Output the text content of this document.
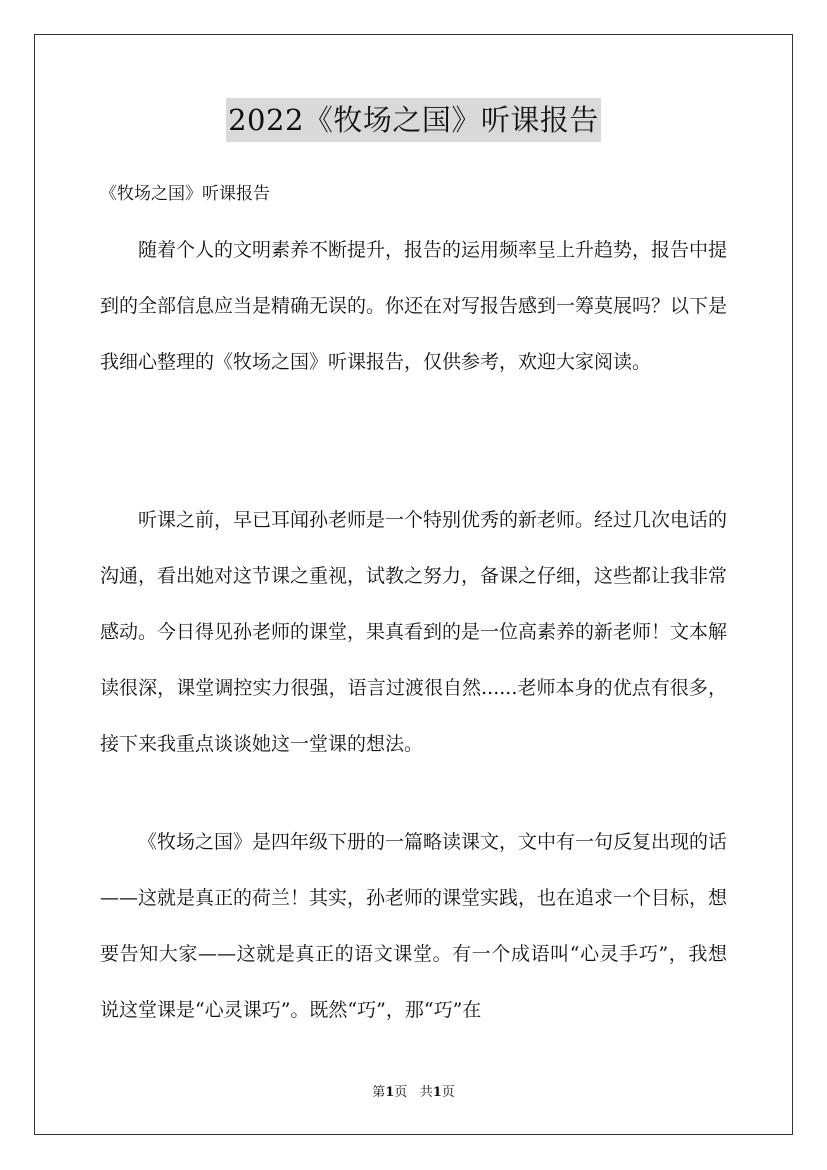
2022《牧场之国》听课报告
《牧场之国》听课报告

随着个人的文明素养不断提升，报告的运用频率呈上升趋势，报告中提到的全部信息应当是精确无误的。你还在对写报告感到一筹莫展吗？以下是我细心整理的《牧场之国》听课报告，仅供参考，欢迎大家阅读。

听课之前，早已耳闻孙老师是一个特别优秀的新老师。经过几次电话的沟通，看出她对这节课之重视，试教之努力，备课之仔细，这些都让我非常感动。今日得见孙老师的课堂，果真看到的是一位高素养的新老师！文本解读很深，课堂调控实力很强，语言过渡很自然......老师本身的优点有很多，接下来我重点谈谈她这一堂课的想法。

《牧场之国》是四年级下册的一篇略读课文，文中有一句反复出现的话——这就是真正的荷兰！其实，孙老师的课堂实践，也在追求一个目标，想要告知大家——这就是真正的语文课堂。有一个成语叫“心灵手巧”，我想说这堂课是“心灵课巧”。既然“巧”，那“巧”在

第1页 共1页
